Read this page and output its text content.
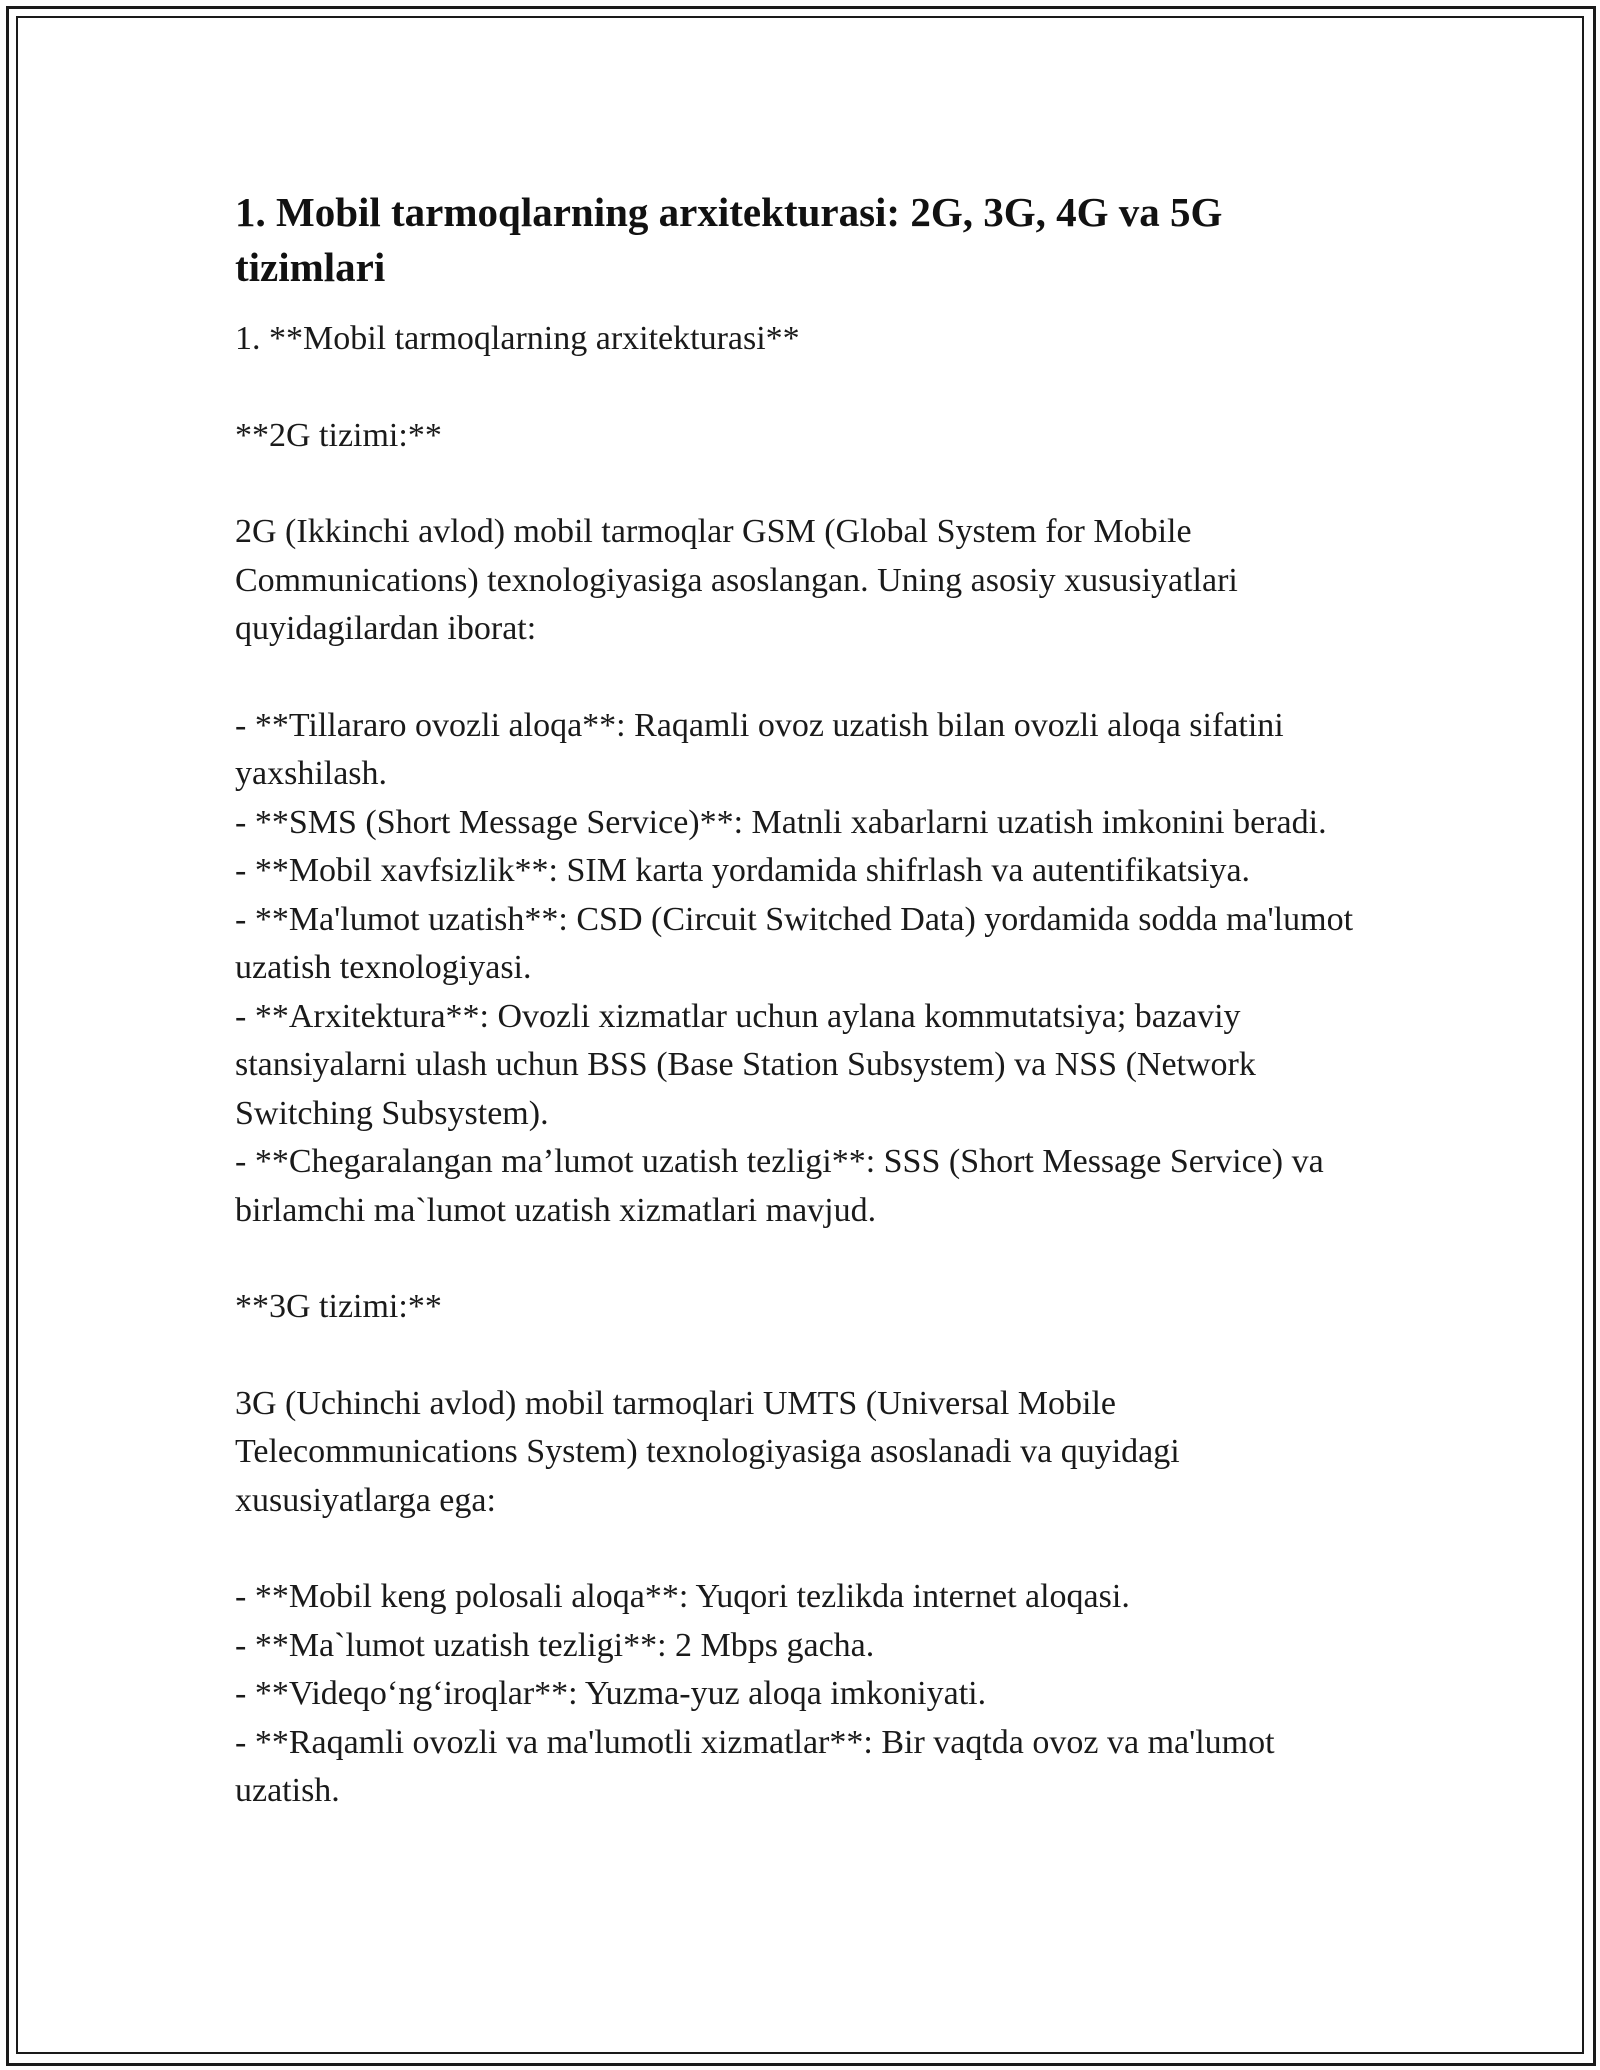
1. Mobil tarmoqlarning arxitekturasi: 2G, 3G, 4G va 5G tizimlari

1. **Mobil tarmoqlarning arxitekturasi**

**2G tizimi:**

2G (Ikkinchi avlod) mobil tarmoqlar GSM (Global System for Mobile Communications) texnologiyasiga asoslangan. Uning asosiy xususiyatlari quyidagilardan iborat:

- **Tillararo ovozli aloqa**: Raqamli ovoz uzatish bilan ovozli aloqa sifatini yaxshilash.
- **SMS (Short Message Service)**: Matnli xabarlarni uzatish imkonini beradi.
- **Mobil xavfsizlik**: SIM karta yordamida shifrlash va autentifikatsiya.
- **Ma'lumot uzatish**: CSD (Circuit Switched Data) yordamida sodda ma'lumot uzatish texnologiyasi.
- **Arxitektura**: Ovozli xizmatlar uchun aylana kommutatsiya; bazaviy stansiyalarni ulash uchun BSS (Base Station Subsystem) va NSS (Network Switching Subsystem).
- **Chegaralangan ma’lumot uzatish tezligi**: SSS (Short Message Service) va birlamchi ma`lumot uzatish xizmatlari mavjud.

**3G tizimi:**

3G (Uchinchi avlod) mobil tarmoqlari UMTS (Universal Mobile Telecommunications System) texnologiyasiga asoslanadi va quyidagi xususiyatlarga ega:

- **Mobil keng polosali aloqa**: Yuqori tezlikda internet aloqasi.
- **Ma`lumot uzatish tezligi**: 2 Mbps gacha.
- **Videqo‘ng‘iroqlar**: Yuzma-yuz aloqa imkoniyati.
- **Raqamli ovozli va ma'lumotli xizmatlar**: Bir vaqtda ovoz va ma'lumot uzatish.
